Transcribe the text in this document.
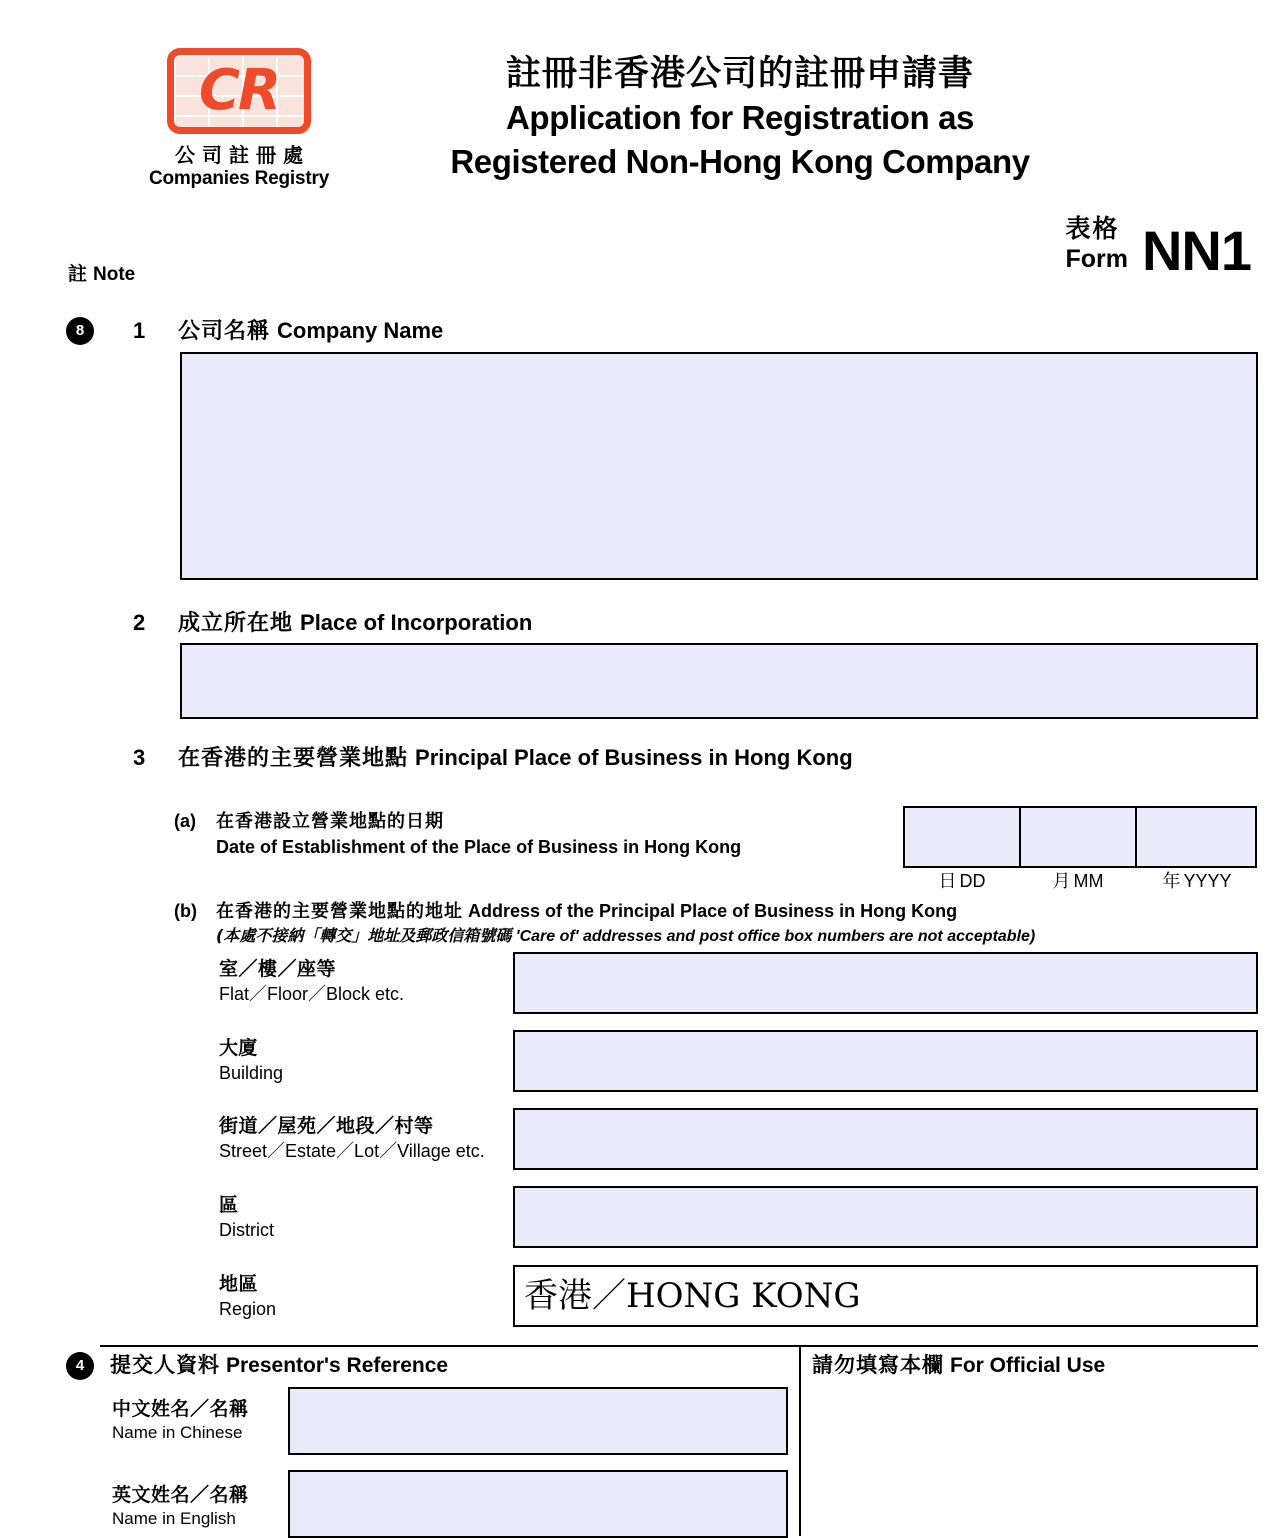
CR
公司註冊處
Companies Registry
註冊非香港公司的註冊申請書
Application for Registration as
Registered Non-Hong Kong Company
表格
Form NN1
註 Note
8	1 公司名稱 Company Name
2 成立所在地 Place of Incorporation
3 在香港的主要營業地點 Principal Place of Business in Hong Kong
(a) 在香港設立營業地點的日期
Date of Establishment of the Place of Business in Hong Kong
日 DD	月 MM	年 YYYY
(b) 在香港的主要營業地點的地址 Address of the Principal Place of Business in Hong Kong
(本處不接納「轉交」地址及郵政信箱號碼 'Care of' addresses and post office box numbers are not acceptable)
室／樓／座等
Flat／Floor／Block etc.
大廈
Building
街道／屋苑／地段／村等
Street／Estate／Lot／Village etc.
區
District
地區
Region	香港／HONG KONG
4	提交人資料 Presentor's Reference
中文姓名／名稱
Name in Chinese
英文姓名／名稱
Name in English
請勿填寫本欄 For Official Use
